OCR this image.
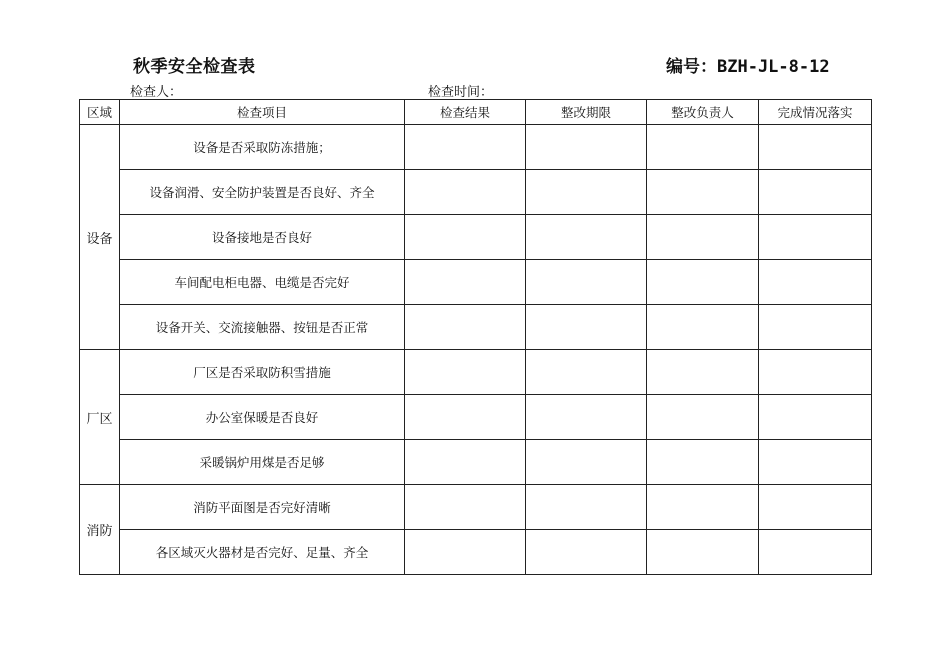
秋季安全检查表	编号：BZH-JL-8-12
检查人：	检查时间：
区域	检查项目	检查结果	整改期限	整改负责人	完成情况落实
设备	设备是否采取防冻措施；				
	设备润滑、安全防护装置是否良好、齐全				
	设备接地是否良好				
	车间配电柜电器、电缆是否完好				
	设备开关、交流接触器、按钮是否正常				
厂区	厂区是否采取防积雪措施				
	办公室保暖是否良好				
	采暖锅炉用煤是否足够				
消防	消防平面图是否完好清晰				
	各区域灭火器材是否完好、足量、齐全				
